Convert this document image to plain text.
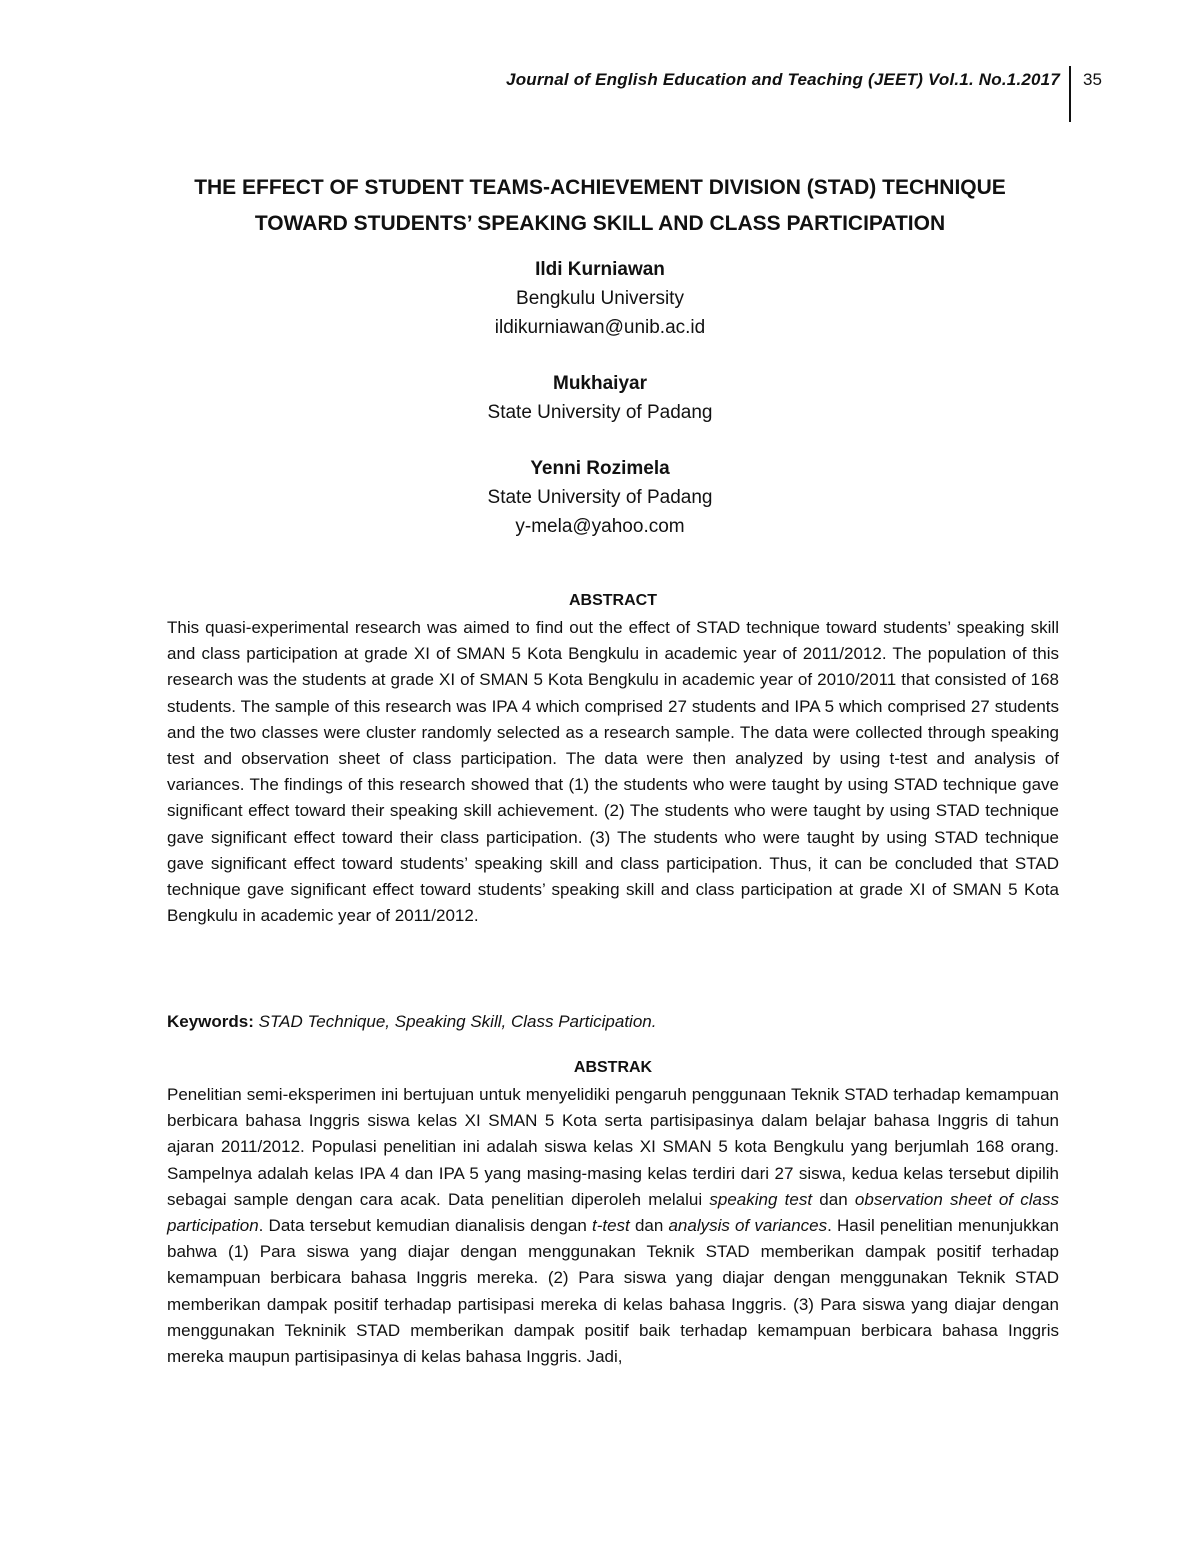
Journal of English Education and Teaching (JEET) Vol.1. No.1.2017 35
THE EFFECT OF STUDENT TEAMS-ACHIEVEMENT DIVISION (STAD) TECHNIQUE
TOWARD STUDENTS’ SPEAKING SKILL AND CLASS PARTICIPATION
Ildi Kurniawan
Bengkulu University
ildikurniawan@unib.ac.id
Mukhaiyar
State University of Padang
Yenni Rozimela
State University of Padang
y-mela@yahoo.com
ABSTRACT

This quasi-experimental research was aimed to find out the effect of STAD technique toward students’ speaking skill and class participation at grade XI of SMAN 5 Kota Bengkulu in academic year of 2011/2012. The population of this research was the students at grade XI of SMAN 5 Kota Bengkulu in academic year of 2010/2011 that consisted of 168 students. The sample of this research was IPA 4 which comprised 27 students and IPA 5 which comprised 27 students and the two classes were cluster randomly selected as a research sample. The data were collected through speaking test and observation sheet of class participation. The data were then analyzed by using t-test and analysis of variances. The findings of this research showed that (1) the students who were taught by using STAD technique gave significant effect toward their speaking skill achievement. (2) The students who were taught by using STAD technique gave significant effect toward their class participation. (3) The students who were taught by using STAD technique gave significant effect toward students’ speaking skill and class participation. Thus, it can be concluded that STAD technique gave significant effect toward students’ speaking skill and class participation at grade XI of SMAN 5 Kota Bengkulu in academic year of 2011/2012.

Keywords: STAD Technique, Speaking Skill, Class Participation.
ABSTRAK

Penelitian semi-eksperimen ini bertujuan untuk menyelidiki pengaruh penggunaan Teknik STAD terhadap kemampuan berbicara bahasa Inggris siswa kelas XI SMAN 5 Kota serta partisipasinya dalam belajar bahasa Inggris di tahun ajaran 2011/2012. Populasi penelitian ini adalah siswa kelas XI SMAN 5 kota Bengkulu yang berjumlah 168 orang. Sampelnya adalah kelas IPA 4 dan IPA 5 yang masing-masing kelas terdiri dari 27 siswa, kedua kelas tersebut dipilih sebagai sample dengan cara acak. Data penelitian diperoleh melalui speaking test dan observation sheet of class participation. Data tersebut kemudian dianalisis dengan t-test dan analysis of variances. Hasil penelitian menunjukkan bahwa (1) Para siswa yang diajar dengan menggunakan Teknik STAD memberikan dampak positif terhadap kemampuan berbicara bahasa Inggris mereka. (2) Para siswa yang diajar dengan menggunakan Teknik STAD memberikan dampak positif terhadap partisipasi mereka di kelas bahasa Inggris. (3) Para siswa yang diajar dengan menggunakan Tekninik STAD memberikan dampak positif baik terhadap kemampuan berbicara bahasa Inggris mereka maupun partisipasinya di kelas bahasa Inggris. Jadi,
